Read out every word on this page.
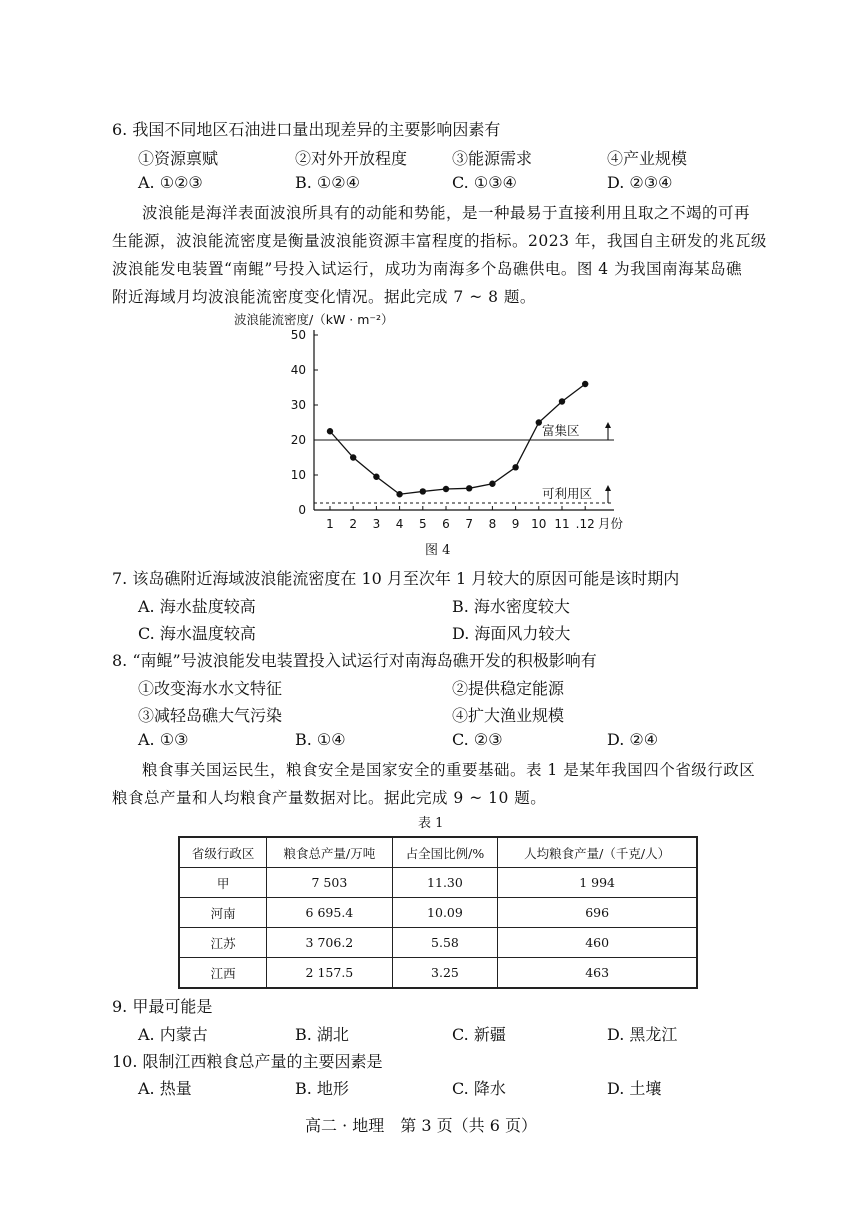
6. 我国不同地区石油进口量出现差异的主要影响因素有
①资源禀赋	②对外开放程度	③能源需求	④产业规模
A. ①②③	B. ①②④	C. ①③④	D. ②③④
波浪能是海洋表面波浪所具有的动能和势能，是一种最易于直接利用且取之不竭的可再
生能源，波浪能流密度是衡量波浪能资源丰富程度的指标。2023 年，我国自主研发的兆瓦级
波浪能发电装置“南鲲”号投入试运行，成功为南海多个岛礁供电。图 4 为我国南海某岛礁
附近海域月均波浪能流密度变化情况。据此完成 7 ~ 8 题。
波浪能流密度/（kW · m⁻²）
0
10
20
30
40
50
1 2 3 4 5 6 7 8 9 10 11 .12 月份
富集区
可利用区
图 4
7. 该岛礁附近海域波浪能流密度在 10 月至次年 1 月较大的原因可能是该时期内
A. 海水盐度较高	B. 海水密度较大
C. 海水温度较高	D. 海面风力较大
8. “南鲲”号波浪能发电装置投入试运行对南海岛礁开发的积极影响有
①改变海水水文特征	②提供稳定能源
③减轻岛礁大气污染	④扩大渔业规模
A. ①③	B. ①④	C. ②③	D. ②④
粮食事关国运民生，粮食安全是国家安全的重要基础。表 1 是某年我国四个省级行政区
粮食总产量和人均粮食产量数据对比。据此完成 9 ~ 10 题。
表 1
省级行政区	粮食总产量/万吨	占全国比例/%	人均粮食产量/（千克/人）
甲	7 503	11.30	1 994
河南	6 695.4	10.09	696
江苏	3 706.2	5.58	460
江西	2 157.5	3.25	463
9. 甲最可能是
A. 内蒙古	B. 湖北	C. 新疆	D. 黑龙江
10. 限制江西粮食总产量的主要因素是
A. 热量	B. 地形	C. 降水	D. 土壤
高二 · 地理　第 3 页（共 6 页）
